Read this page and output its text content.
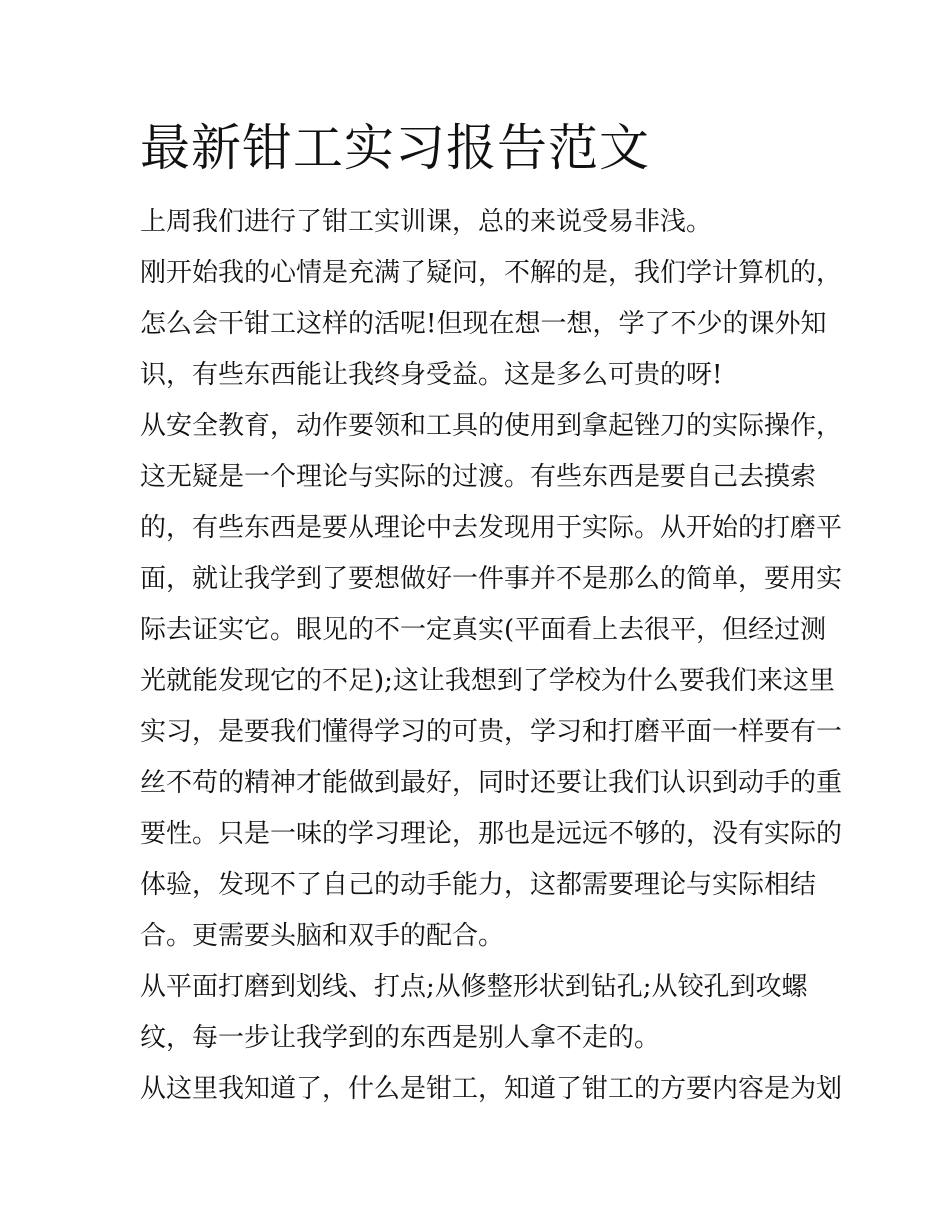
最新钳工实习报告范文

上周我们进行了钳工实训课，总的来说受易非浅。

刚开始我的心情是充满了疑问，不解的是，我们学计算机的，

怎么会干钳工这样的活呢!但现在想一想，学了不少的课外知

识，有些东西能让我终身受益。这是多么可贵的呀!

从安全教育，动作要领和工具的使用到拿起锉刀的实际操作，

这无疑是一个理论与实际的过渡。有些东西是要自己去摸索

的，有些东西是要从理论中去发现用于实际。从开始的打磨平

面，就让我学到了要想做好一件事并不是那么的简单，要用实

际去证实它。眼见的不一定真实(平面看上去很平，但经过测

光就能发现它的不足);这让我想到了学校为什么要我们来这里

实习，是要我们懂得学习的可贵，学习和打磨平面一样要有一

丝不苟的精神才能做到最好，同时还要让我们认识到动手的重

要性。只是一味的学习理论，那也是远远不够的，没有实际的

体验，发现不了自己的动手能力，这都需要理论与实际相结

合。更需要头脑和双手的配合。

从平面打磨到划线、打点;从修整形状到钻孔;从铰孔到攻螺

纹，每一步让我学到的东西是别人拿不走的。

从这里我知道了，什么是钳工，知道了钳工的方要内容是为划
